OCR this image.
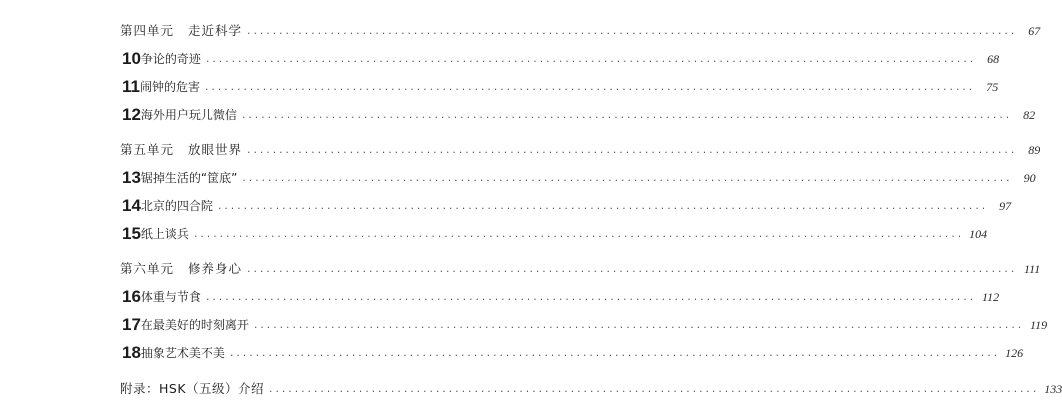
第四单元 走近科学 ........................................................................................................................	67
10 争论的奇迹 ........................................................................................................................	68
11 闹钟的危害 ........................................................................................................................	75
12 海外用户玩儿微信 ........................................................................................................................	82
第五单元 放眼世界 ........................................................................................................................	89
13 锯掉生活的“筐底” ........................................................................................................................	90
14 北京的四合院 ........................................................................................................................	97
15 纸上谈兵 ........................................................................................................................ 104
第六单元 修养身心 ........................................................................................................................ 111
16 体重与节食 ........................................................................................................................ 112
17 在最美好的时刻离开 ........................................................................................................................ 119
18 抽象艺术美不美 ........................................................................................................................ 126
附录：HSK（五级）介绍 ........................................................................................................................ 133
